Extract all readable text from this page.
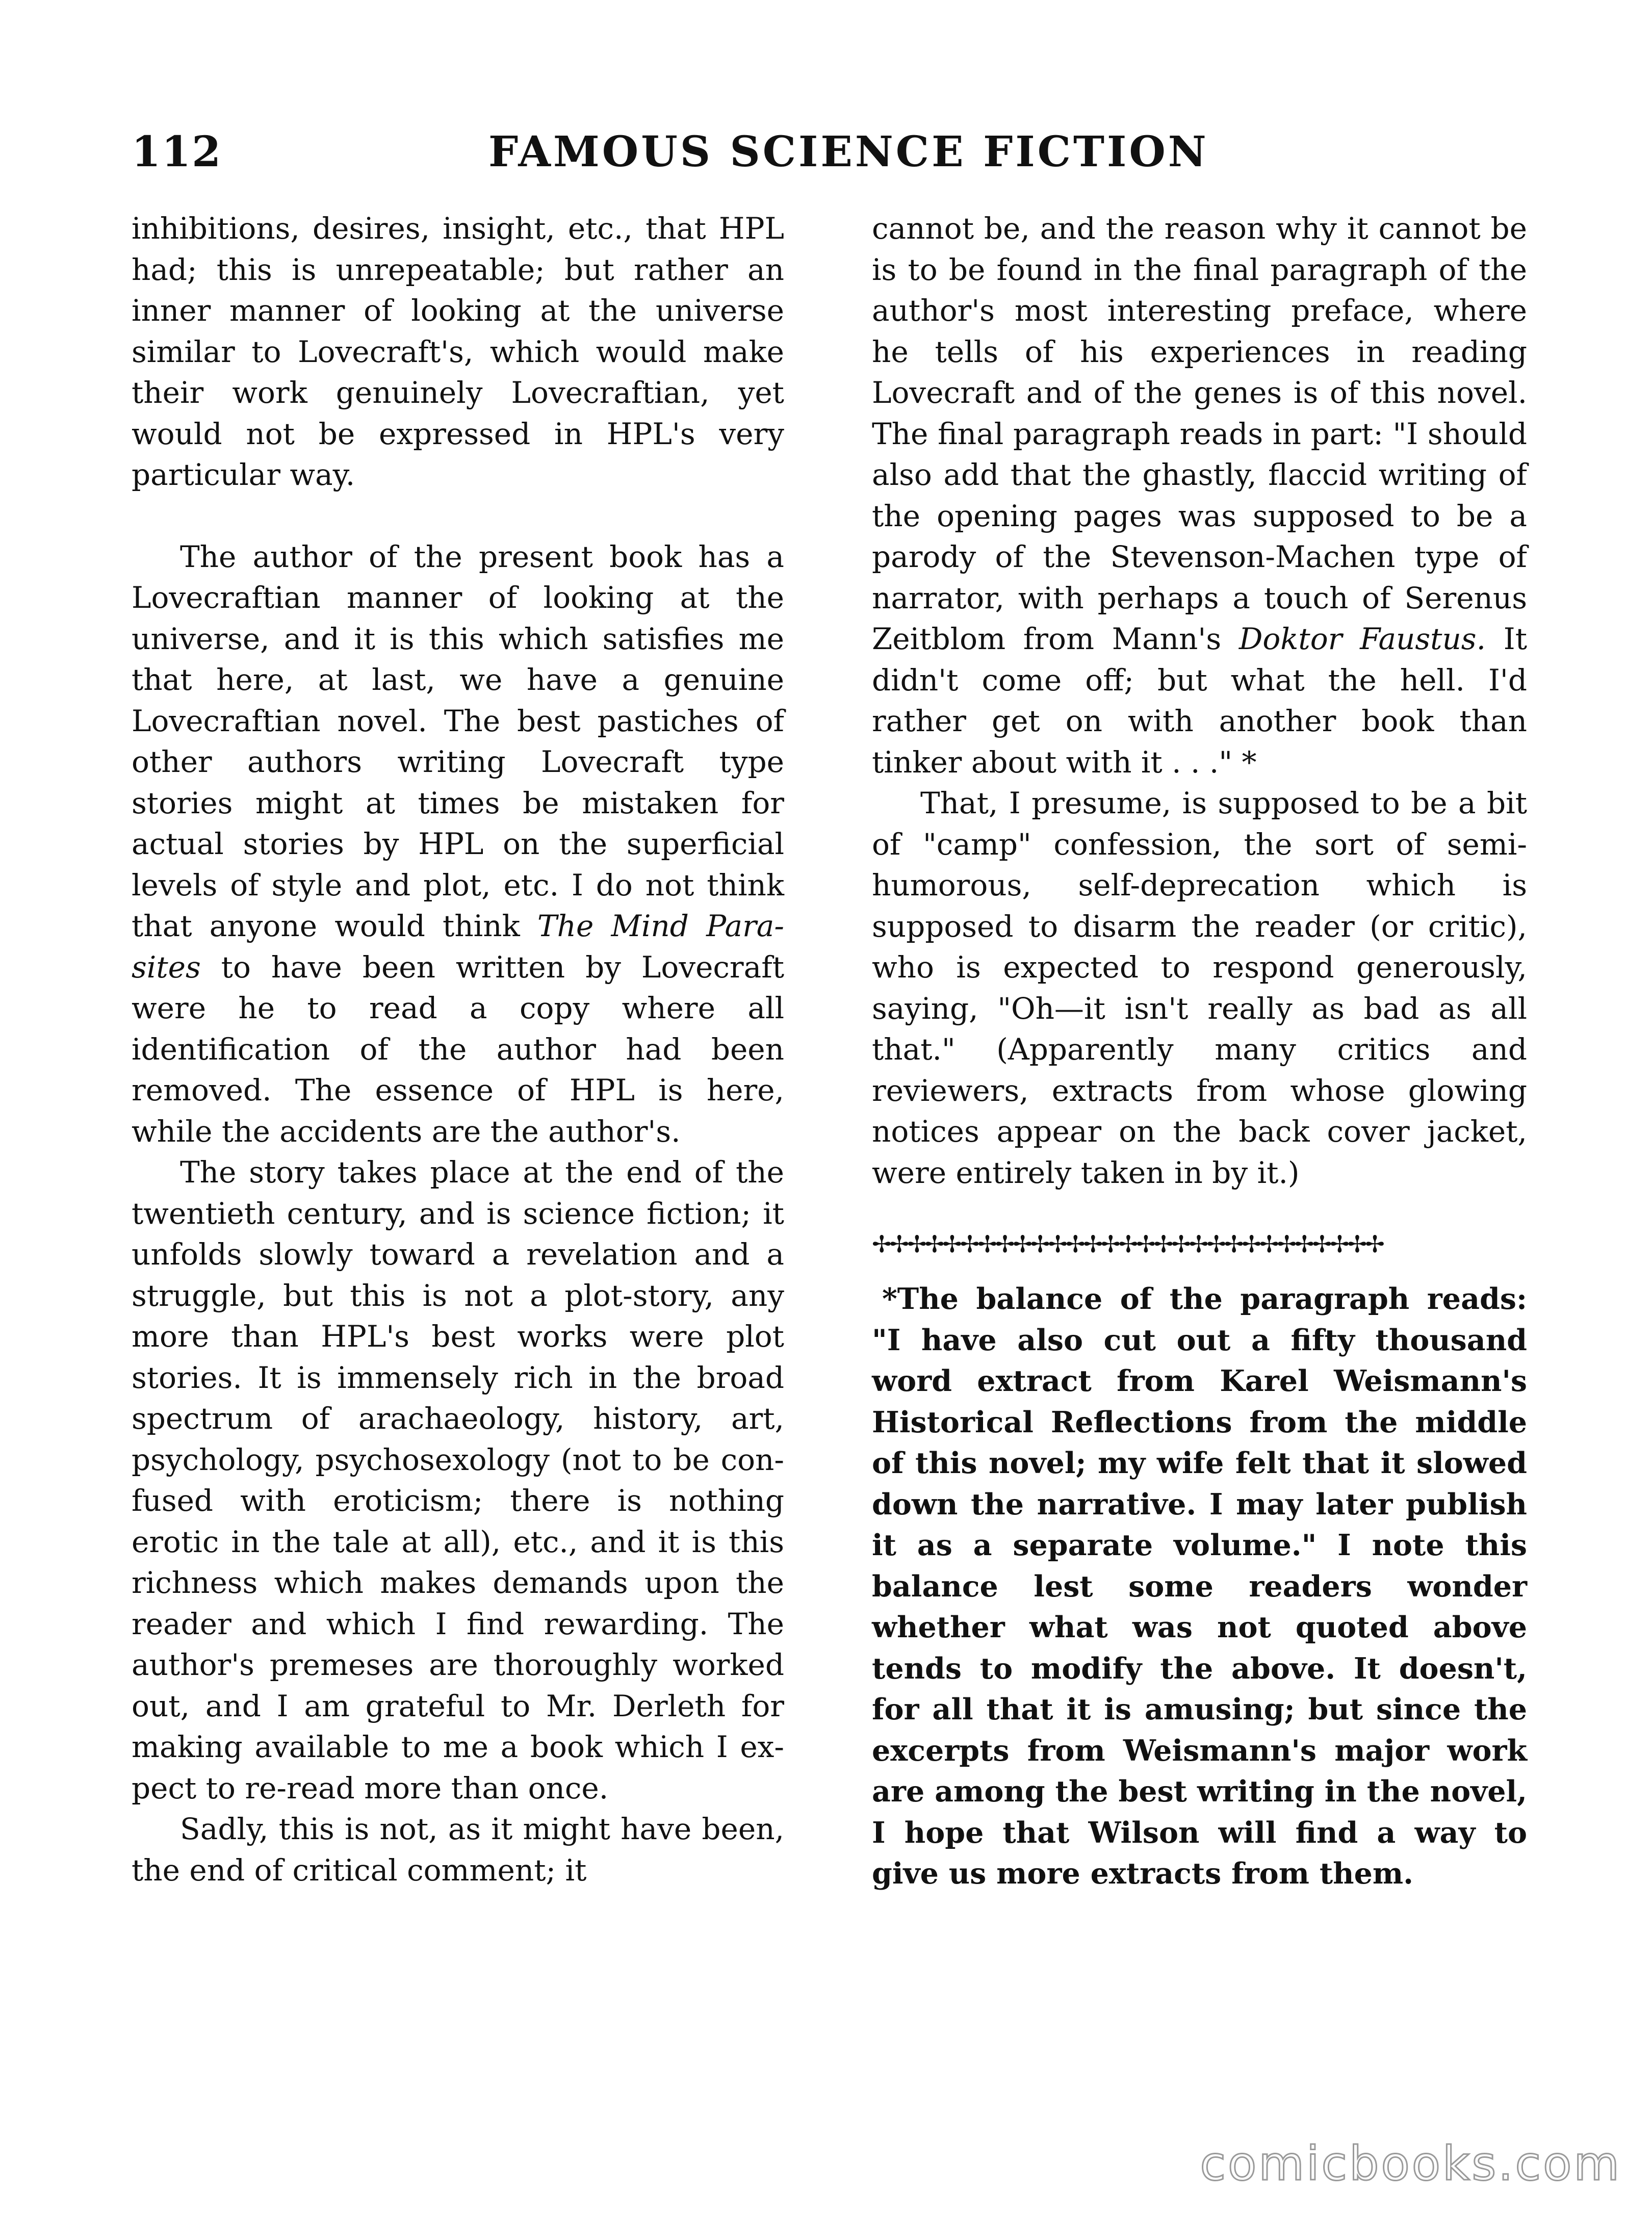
112	FAMOUS SCIENCE FICTION

inhibitions, desires, insight, etc., that HPL had; this is unrepeatable; but rather an inner manner of looking at the universe similar to Lovecraft's, which would make their work genuinely Lovecraftian, yet would not be expressed in HPL's very particular way.

The author of the present book has a Lovecraftian manner of looking at the universe, and it is this which satisfies me that here, at last, we have a genuine Lovecraftian novel. The best pastiches of other authors writing Lovecraft type stories might at times be mistaken for actual stories by HPL on the superficial levels of style and plot, etc. I do not think that anyone would think The Mind Parasites to have been written by Lovecraft were he to read a copy where all identification of the author had been removed. The essence of HPL is here, while the accidents are the author's.

The story takes place at the end of the twentieth century, and is science fiction; it unfolds slowly toward a revelation and a struggle, but this is not a plot-story, any more than HPL's best works were plot stories. It is immensely rich in the broad spectrum of arachaeology, history, art, psychology, psychosexology (not to be confused with eroticism; there is nothing erotic in the tale at all), etc., and it is this richness which makes demands upon the reader and which I find rewarding. The author's premeses are thoroughly worked out, and I am grateful to Mr. Derleth for making available to me a book which I expect to re-read more than once.

Sadly, this is not, as it might have been, the end of critical comment; it

cannot be, and the reason why it cannot be is to be found in the final paragraph of the author's most interesting preface, where he tells of his experiences in reading Lovecraft and of the genes is of this novel. The final paragraph reads in part: "I should also add that the ghastly, flaccid writing of the opening pages was supposed to be a parody of the Stevenson-Machen type of narrator, with perhaps a touch of Serenus Zeitblom from Mann's Doktor Faustus. It didn't come off; but what the hell. I'd rather get on with another book than tinker about with it . . ." *

That, I presume, is supposed to be a bit of "camp" confession, the sort of semi-humorous, self-deprecation which is supposed to disarm the reader (or critic), who is expected to respond generously, saying, "Oh—it isn't really as bad as all that." (Apparently many critics and reviewers, extracts from whose glowing notices appear on the back cover jacket, were entirely taken in by it.)

✢✢✢✢✢✢✢✢✢✢✢✢✢✢✢✢✢✢✢✢✢✢✢✢✢✢✢✢✢

*The balance of the paragraph reads: "I have also cut out a fifty thousand word extract from Karel Weismann's Historical Reflections from the middle of this novel; my wife felt that it slowed down the narrative. I may later publish it as a separate volume." I note this balance lest some readers wonder whether what was not quoted above tends to modify the above. It doesn't, for all that it is amusing; but since the excerpts from Weismann's major work are among the best writing in the novel, I hope that Wilson will find a way to give us more extracts from them.

comicbooks.com
